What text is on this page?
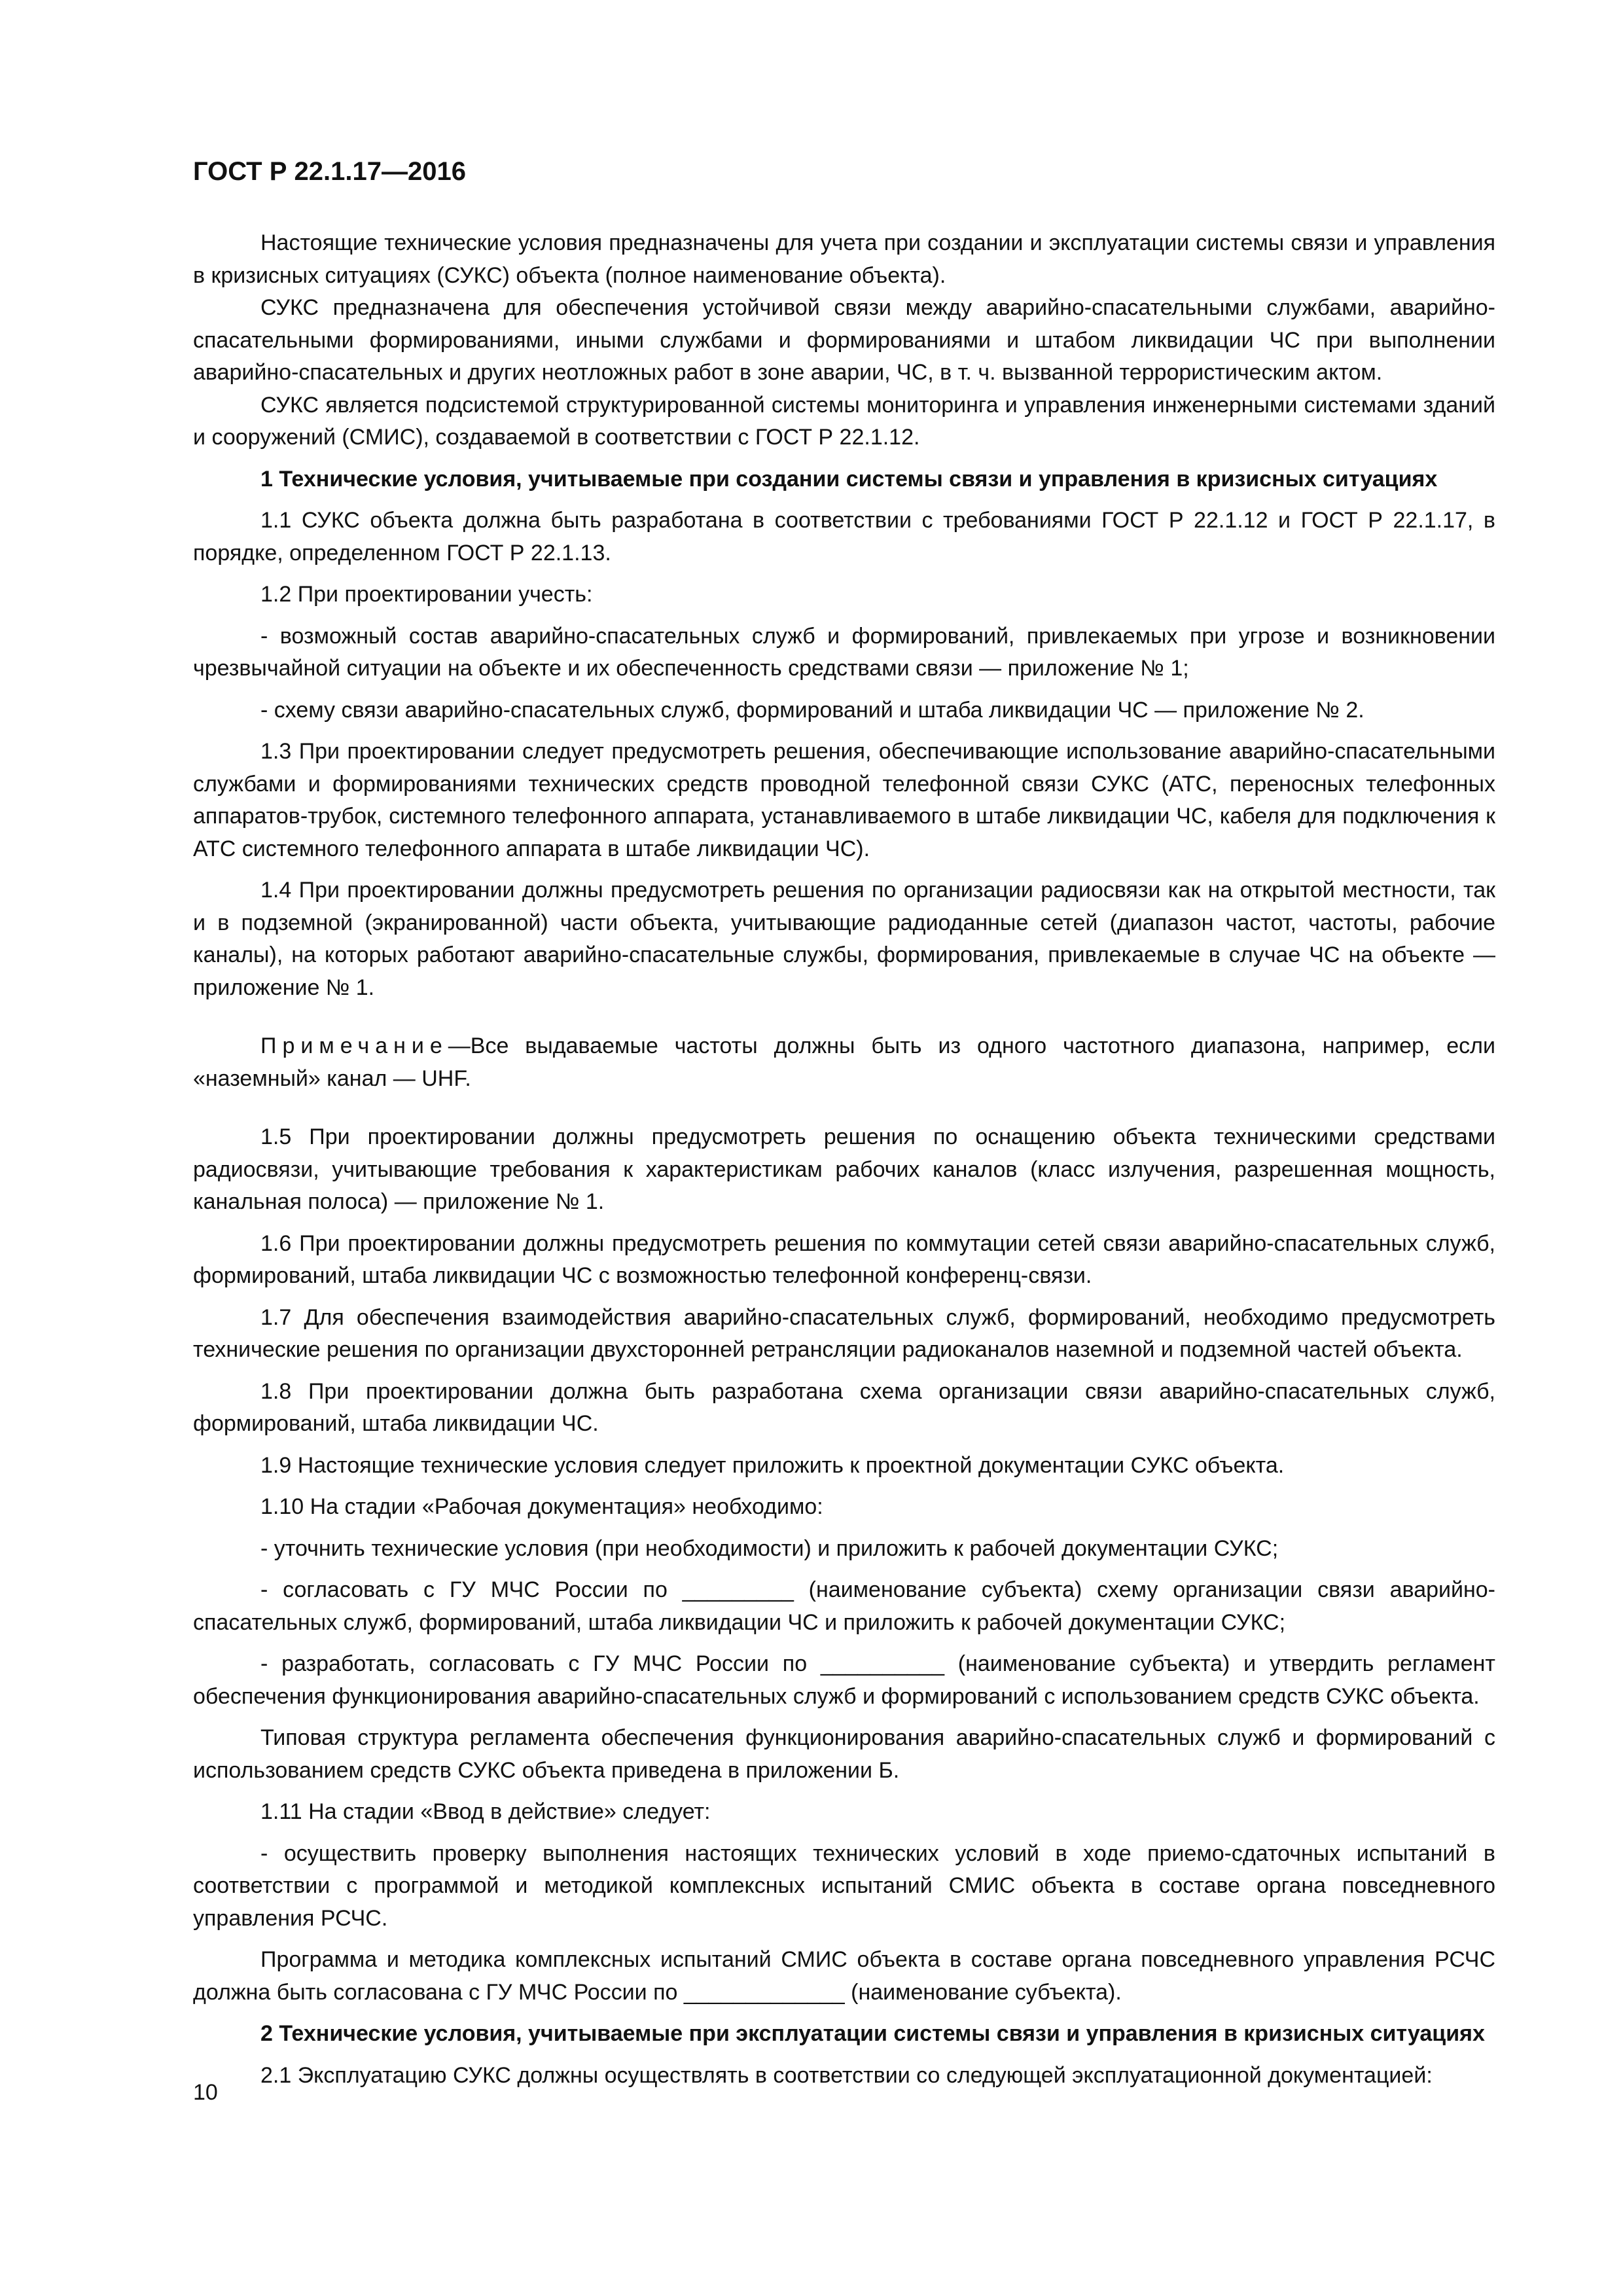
ГОСТ Р 22.1.17—2016

Настоящие технические условия предназначены для учета при создании и эксплуатации системы связи и управления в кризисных ситуациях (СУКС) объекта (полное наименование объекта).

СУКС предназначена для обеспечения устойчивой связи между аварийно-спасательными службами, аварийно-спасательными формированиями, иными службами и формированиями и штабом ликвидации ЧС при выполнении аварийно-спасательных и других неотложных работ в зоне аварии, ЧС, в т. ч. вызванной террористическим актом.

СУКС является подсистемой структурированной системы мониторинга и управления инженерными системами зданий и сооружений (СМИС), создаваемой в соответствии с ГОСТ Р 22.1.12.

1 Технические условия, учитываемые при создании системы связи и управления в кризисных ситуациях

1.1 СУКС объекта должна быть разработана в соответствии с требованиями ГОСТ Р 22.1.12 и ГОСТ Р 22.1.17, в порядке, определенном ГОСТ Р 22.1.13.

1.2 При проектировании учесть:

- возможный состав аварийно-спасательных служб и формирований, привлекаемых при угрозе и возникновении чрезвычайной ситуации на объекте и их обеспеченность средствами связи — приложение № 1;

- схему связи аварийно-спасательных служб, формирований и штаба ликвидации ЧС — приложение № 2.

1.3 При проектировании следует предусмотреть решения, обеспечивающие использование аварийно-спасательными службами и формированиями технических средств проводной телефонной связи СУКС (АТС, переносных телефонных аппаратов-трубок, системного телефонного аппарата, устанавливаемого в штабе ликвидации ЧС, кабеля для подключения к АТС системного телефонного аппарата в штабе ликвидации ЧС).

1.4 При проектировании должны предусмотреть решения по организации радиосвязи как на открытой местности, так и в подземной (экранированной) части объекта, учитывающие радиоданные сетей (диапазон частот, частоты, рабочие каналы), на которых работают аварийно-спасательные службы, формирования, привлекаемые в случае ЧС на объекте — приложение № 1.

Примечание—Все выдаваемые частоты должны быть из одного частотного диапазона, например, если «наземный» канал — UHF.

1.5 При проектировании должны предусмотреть решения по оснащению объекта техническими средствами радиосвязи, учитывающие требования к характеристикам рабочих каналов (класс излучения, разрешенная мощность, канальная полоса) — приложение № 1.

1.6 При проектировании должны предусмотреть решения по коммутации сетей связи аварийно-спасательных служб, формирований, штаба ликвидации ЧС с возможностью телефонной конференц-связи.

1.7 Для обеспечения взаимодействия аварийно-спасательных служб, формирований, необходимо предусмотреть технические решения по организации двухсторонней ретрансляции радиоканалов наземной и подземной частей объекта.

1.8 При проектировании должна быть разработана схема организации связи аварийно-спасательных служб, формирований, штаба ликвидации ЧС.

1.9 Настоящие технические условия следует приложить к проектной документации СУКС объекта.

1.10 На стадии «Рабочая документация» необходимо:

- уточнить технические условия (при необходимости) и приложить к рабочей документации СУКС;

- согласовать с ГУ МЧС России по _________ (наименование субъекта) схему организации связи аварийно-спасательных служб, формирований, штаба ликвидации ЧС и приложить к рабочей документации СУКС;

- разработать, согласовать с ГУ МЧС России по __________ (наименование субъекта) и утвердить регламент обеспечения функционирования аварийно-спасательных служб и формирований с использованием средств СУКС объекта.

Типовая структура регламента обеспечения функционирования аварийно-спасательных служб и формирований с использованием средств СУКС объекта приведена в приложении Б.

1.11 На стадии «Ввод в действие» следует:

- осуществить проверку выполнения настоящих технических условий в ходе приемо-сдаточных испытаний в соответствии с программой и методикой комплексных испытаний СМИС объекта в составе органа повседневного управления РСЧС.

Программа и методика комплексных испытаний СМИС объекта в составе органа повседневного управления РСЧС должна быть согласована с ГУ МЧС России по _____________ (наименование субъекта).

2 Технические условия, учитываемые при эксплуатации системы связи и управления в кризисных ситуациях

2.1 Эксплуатацию СУКС должны осуществлять в соответствии со следующей эксплуатационной документацией:

10
